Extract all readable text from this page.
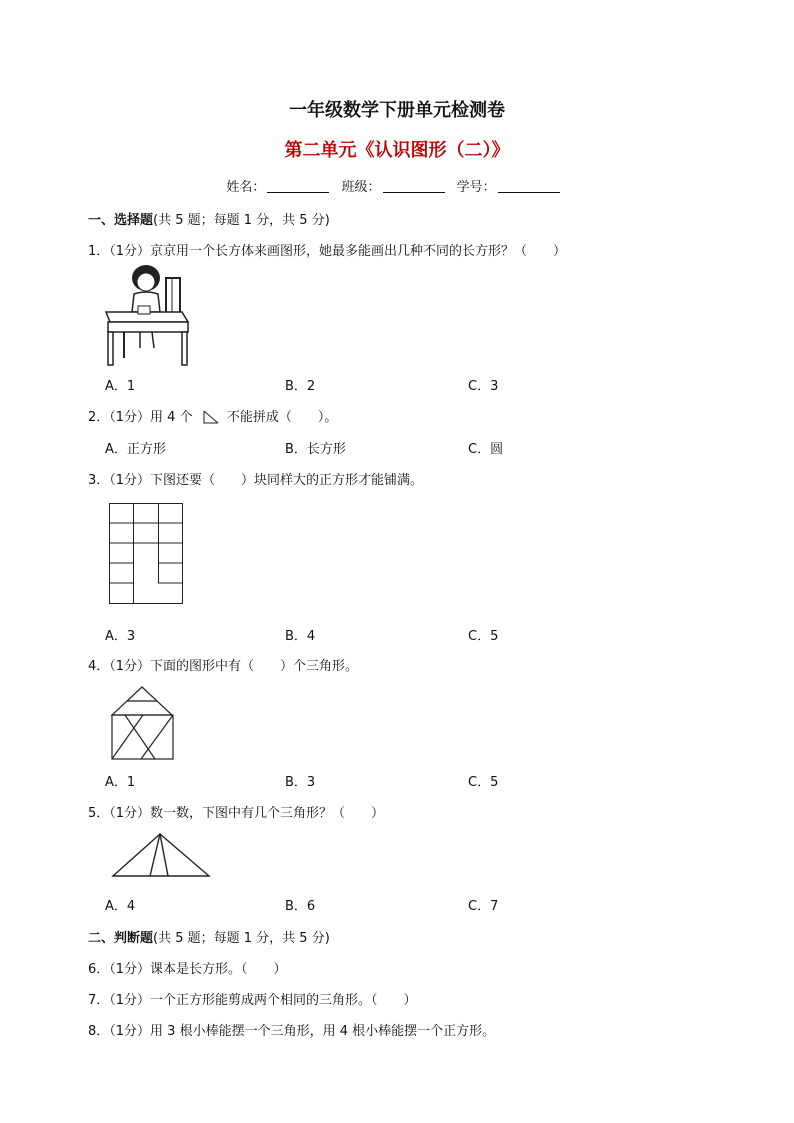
一年级数学下册单元检测卷
第二单元《认识图形（二）》
姓名：	班级：	学号：
一、选择题(共 5 题；每题 1 分，共 5 分)
1．（1分）京京用一个长方体来画图形，她最多能画出几种不同的长方形？（　　）
A．1	B．2	C．3
2．（1分）用 4 个	不能拼成（　　）。
A．正方形	B．长方形	C．圆
3．（1分）下图还要（　　）块同样大的正方形才能铺满。
A．3	B．4	C．5
4．（1分）下面的图形中有（　　）个三角形。
A．1	B．3	C．5
5．（1分）数一数，下图中有几个三角形？（　　）
A．4	B．6	C．7
二、判断题(共 5 题；每题 1 分，共 5 分)
6．（1分）课本是长方形。（　　）
7．（1分）一个正方形能剪成两个相同的三角形。（　　）
8．（1分）用 3 根小棒能摆一个三角形，用 4 根小棒能摆一个正方形。
